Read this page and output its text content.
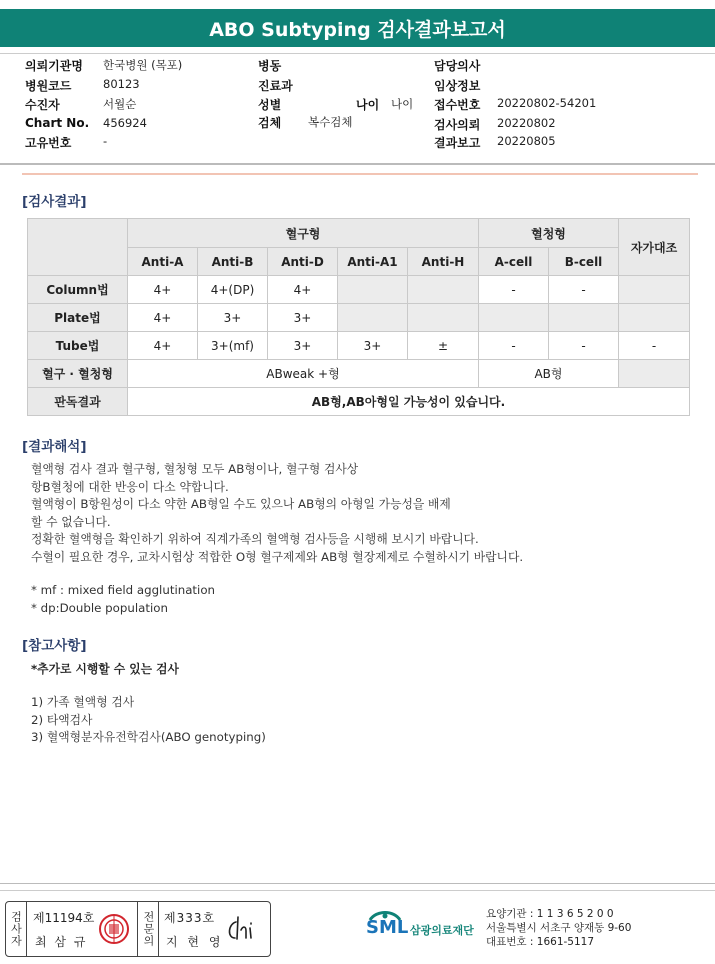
ABO Subtyping 검사결과보고서
의뢰기관명 한국병원 (목포)
병원코드	80123
수진자	서월순
Chart No. 456924
고유번호	-
병동
진료과
성별
검체 복수검체
나이 나이
담당의사
임상정보
접수번호 20220802-54201
검사의뢰 20220802
결과보고 20220805
[검사결과]
	혈구형					혈청형		자가대조
	Anti-A	Anti-B	Anti-D	Anti-A1	Anti-H	A-cell	B-cell	
Column법	4+	4+(DP)	4+			-	-	
Plate법	4+	3+	3+					
Tube법	4+	3+(mf)	3+	3+	±	-	-	-
혈구 · 혈청형	ABweak +형					AB형		
판독결과	AB형,AB아형일 가능성이 있습니다.							
[결과해석]
혈액형 검사 결과 혈구형, 혈청형 모두 AB형이나, 혈구형 검사상
항B혈청에 대한 반응이 다소 약합니다.
혈액형이 B항원성이 다소 약한 AB형일 수도 있으나 AB형의 아형일 가능성을 배제
할 수 없습니다.
정확한 혈액형을 확인하기 위하여 직계가족의 혈액형 검사등을 시행해 보시기 바랍니다.
수혈이 필요한 경우, 교차시험상 적합한 O형 혈구제제와 AB형 혈장제제로 수혈하시기 바랍니다.
* mf : mixed field agglutination
* dp:Double population
[참고사항]
*추가로 시행할 수 있는 검사
1) 가족 혈액형 검사
2) 타액검사
3) 혈액형분자유전학검사(ABO genotyping)
검사자 제11194호
최 삼 규	전문의 제333호
지 현 영
SML 삼광의료재단
요양기관 : 1 1 3 6 5 2 0 0
서울특별시 서초구 양재동 9-60
대표번호 : 1661-5117
